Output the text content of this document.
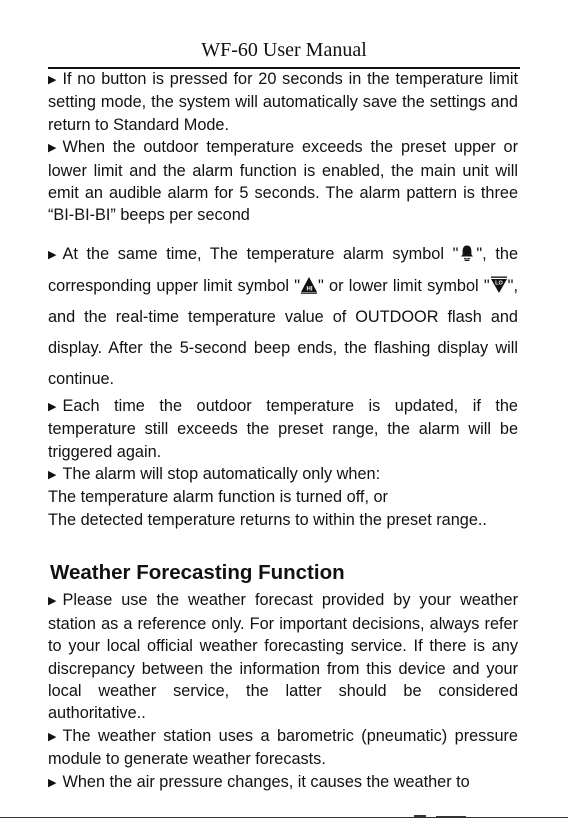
WF-60 User Manual

▶ If no button is pressed for 20 seconds in the temperature limit setting mode, the system will automatically save the settings and return to Standard Mode.

▶ When the outdoor temperature exceeds the preset upper or lower limit and the alarm function is enabled, the main unit will emit an audible alarm for 5 seconds. The alarm pattern is three “BI-BI-BI” beeps per second

▶ At the same time, The temperature alarm symbol " ", the corresponding upper limit symbol " HI " or lower limit symbol " LO ", and the real-time temperature value of OUTDOOR flash and display. After the 5-second beep ends, the flashing display will continue.

▶ Each time the outdoor temperature is updated, if the temperature still exceeds the preset range, the alarm will be triggered again.

▶ The alarm will stop automatically only when:

The temperature alarm function is turned off, or

The detected temperature returns to within the preset range..

Weather Forecasting Function

▶ Please use the weather forecast provided by your weather station as a reference only. For important decisions, always refer to your local official weather forecasting service. If there is any discrepancy between the information from this device and your local weather service, the latter should be considered authoritative..

▶ The weather station uses a barometric (pneumatic) pressure module to generate weather forecasts.

▶ When the air pressure changes, it causes the weather to
